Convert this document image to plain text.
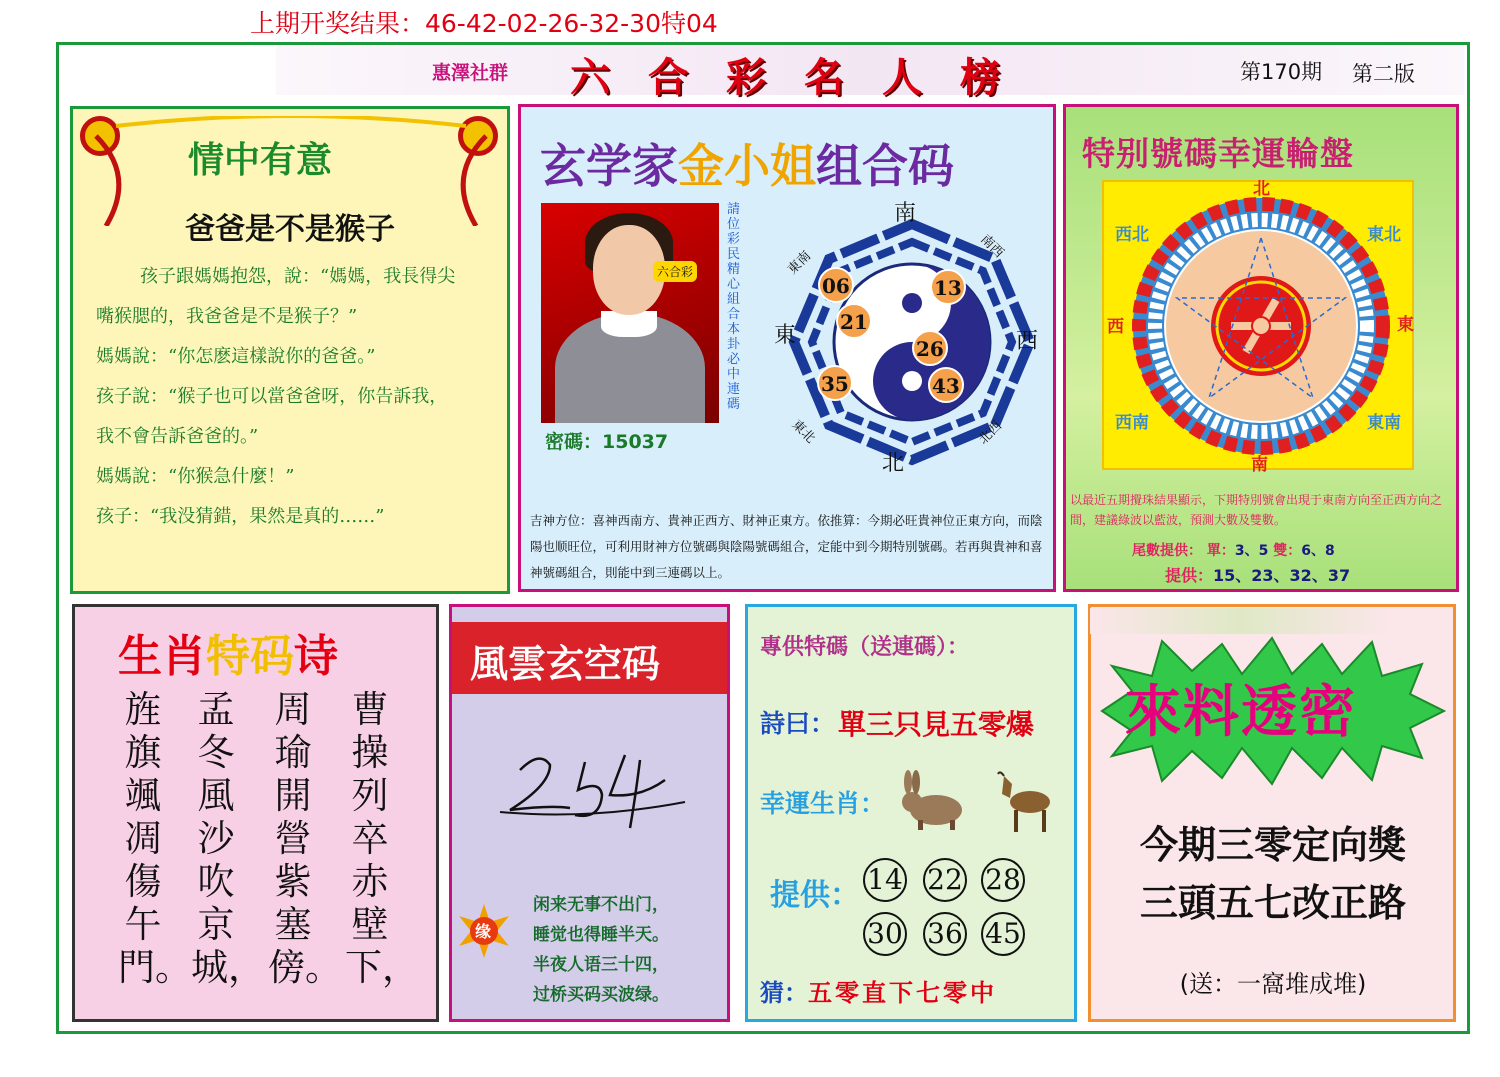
上期开奖结果：46-42-02-26-32-30特04
惠澤社群 六合彩名人榜	第170期 第二版
情中有意
爸爸是不是猴子
孩子跟媽媽抱怨，說：“媽媽，我長得尖
嘴猴腮的，我爸爸是不是猴子？”
媽媽說：“你怎麽這樣說你的爸爸。”
孩子說：“猴子也可以當爸爸呀，你告訴我，
我不會告訴爸爸的。”
媽媽說：“你猴急什麼！”
孩子：“我没猜錯，果然是真的……”
玄学家金小姐组合码
六合彩
密碼：15037
請位彩民精心組合本卦必中連碼
南
北
東	西
東南
南西
東北	北西
06	13
21
26
35	43
吉神方位：喜神西南方、貴神正西方、財神正東方。依推算：今期必旺貴神位正東方向，而陰陽也顺旺位，可利用財神方位號碼與陰陽號碼組合，定能中到今期特別號碼。若再與貴神和喜神號碼組合，則能中到三連碼以上。
特别號碼幸運輪盤
北
南
西	東
西北	東北
西南	東南
以最近五期攪珠結果顯示，下期特別號會出現于東南方向至正西方向之間，建議綠波以藍波，預測大數及雙數。
尾數提供： 單：3、5 雙：6、8
提供：15、23、32、37
生肖特码诗
曹操列卒赤壁下，
周瑜開營紫塞傍。
孟冬風沙吹京城，
旌旗颯凋傷午門。
風雲玄空码
缘
闲来无事不出门，
睡觉也得睡半天。
半夜人语三十四，
过桥买码买波绿。
專供特碼（送連碼）：
詩曰： 單三只見五零爆
幸運生肖：
提供： 14 22 28
30 36 45
猜：五零直下七零中
來料透密
今期三零定向獎
三頭五七改正路
(送：一窩堆成堆)
